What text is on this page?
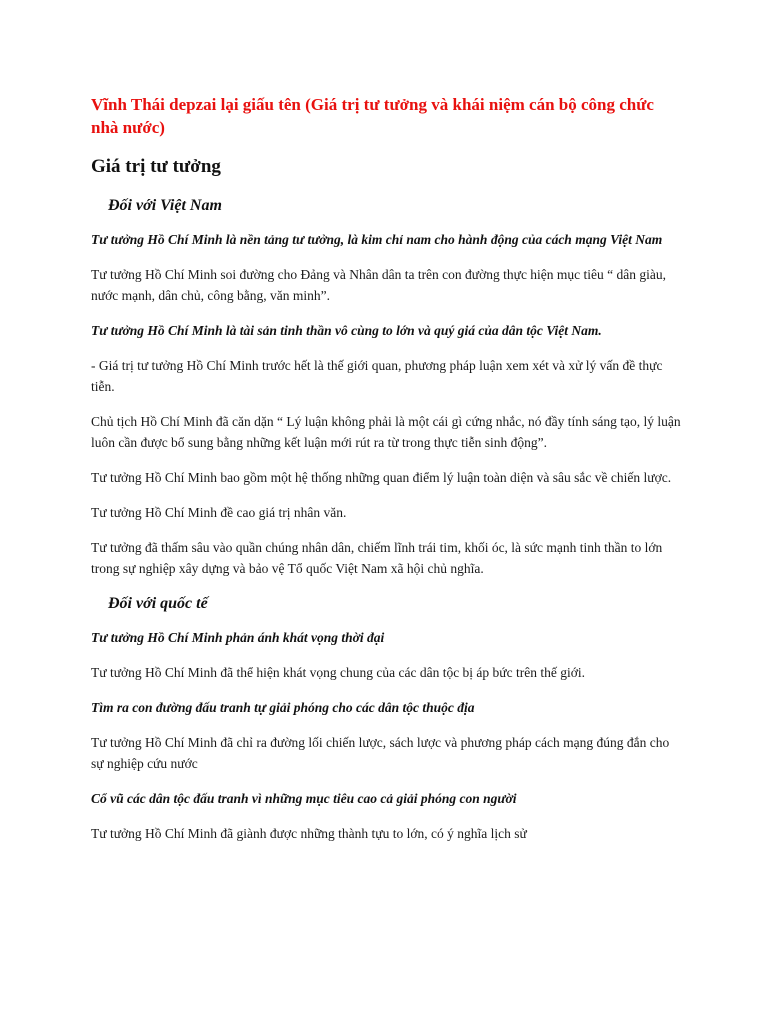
Vĩnh Thái depzai lại giấu tên (Giá trị tư tưởng và khái niệm cán bộ công chức nhà nước)
Giá trị tư tưởng
Đối với Việt Nam

Tư tưởng Hồ Chí Minh là nền tảng tư tưởng, là kim chỉ nam cho hành động của cách mạng Việt Nam

Tư tưởng Hồ Chí Minh soi đường cho Đảng và Nhân dân ta trên con đường thực hiện mục tiêu “ dân giàu, nước mạnh, dân chủ, công bằng, văn minh”.

Tư tưởng Hồ Chí Minh là tài sản tinh thần vô cùng to lớn và quý giá của dân tộc Việt Nam.

- Giá trị tư tưởng Hồ Chí Minh trước hết là thế giới quan, phương pháp luận xem xét và xử lý vấn đề thực tiễn.

Chủ tịch Hồ Chí Minh đã căn dặn “ Lý luận không phải là một cái gì cứng nhắc, nó đầy tính sáng tạo, lý luận luôn cần được bổ sung bằng những kết luận mới rút ra từ trong thực tiễn sinh động”.

Tư tưởng Hồ Chí Minh bao gồm một hệ thống những quan điểm lý luận toàn diện và sâu sắc về chiến lược.

Tư tưởng Hồ Chí Minh đề cao giá trị nhân văn.

Tư tưởng đã thấm sâu vào quần chúng nhân dân, chiếm lĩnh trái tim, khối óc, là sức mạnh tinh thần to lớn trong sự nghiệp xây dựng và bảo vệ Tổ quốc Việt Nam xã hội chủ nghĩa.

Đối với quốc tế

Tư tưởng Hồ Chí Minh phản ánh khát vọng thời đại

Tư tưởng Hồ Chí Minh đã thể hiện khát vọng chung của các dân tộc bị áp bức trên thế giới.

Tìm ra con đường đấu tranh tự giải phóng cho các dân tộc thuộc địa

Tư tưởng Hồ Chí Minh đã chỉ ra đường lối chiến lược, sách lược và phương pháp cách mạng đúng đắn cho sự nghiệp cứu nước

Cổ vũ các dân tộc đấu tranh vì những mục tiêu cao cả giải phóng con người

Tư tưởng Hồ Chí Minh đã giành được những thành tựu to lớn, có ý nghĩa lịch sử
